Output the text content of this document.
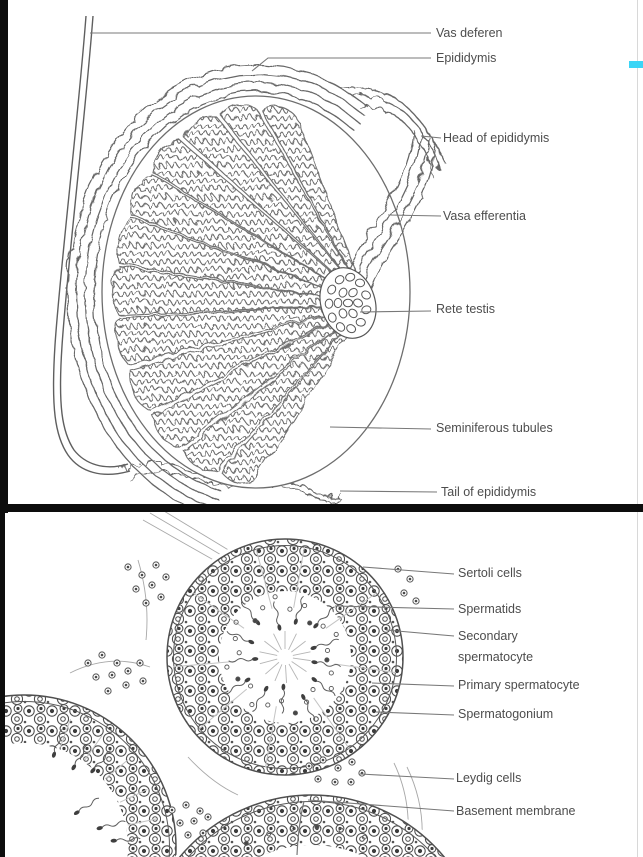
Vas deferen
Epididymis
Head of epididymis
Vasa efferentia
Rete testis
Seminiferous tubules
Tail of epididymis
Sertoli cells
Spermatids
Secondary spermatocyte
Primary spermatocyte
Spermatogonium
Leydig cells
Basement membrane
